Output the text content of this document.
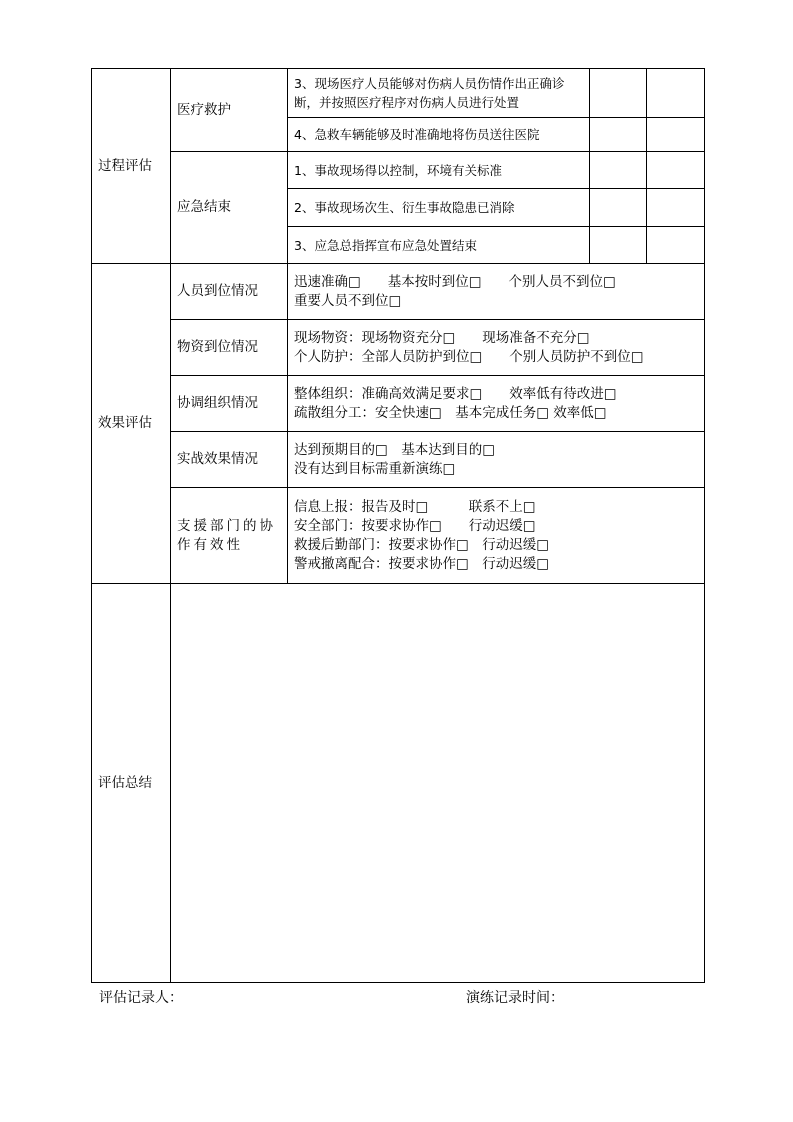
过程评估	医疗救护	3、现场医疗人员能够对伤病人员伤情作出正确诊断，并按照医疗程序对伤病人员进行处置		
		4、急救车辆能够及时准确地将伤员送往医院		
	应急结束	1、事故现场得以控制，环境有关标准		
		2、事故现场次生、衍生事故隐患已消除		
		3、应急总指挥宣布应急处置结束		
效果评估	人员到位情况	迅速准确□　　基本按时到位□　　个别人员不到位□
重要人员不到位□		

	物资到位情况	现场物资：现场物资充分□　　现场准备不充分□
个人防护：全部人员防护到位□　　个别人员防护不到位□		

	协调组织情况	整体组织：准确高效满足要求□　　效率低有待改进□
疏散组分工：安全快速□　基本完成任务□ 效率低□		

	实战效果情况	达到预期目的□　基本达到目的□
没有达到目标需重新演练□		

	支援部门的协作有效性	信息上报：报告及时□　　　联系不上□
安全部门：按要求协作□　　行动迟缓□
救援后勤部门：按要求协作□　行动迟缓□
警戒撤离配合：按要求协作□　行动迟缓□		

评估总结				
评估记录人：	演练记录时间：
